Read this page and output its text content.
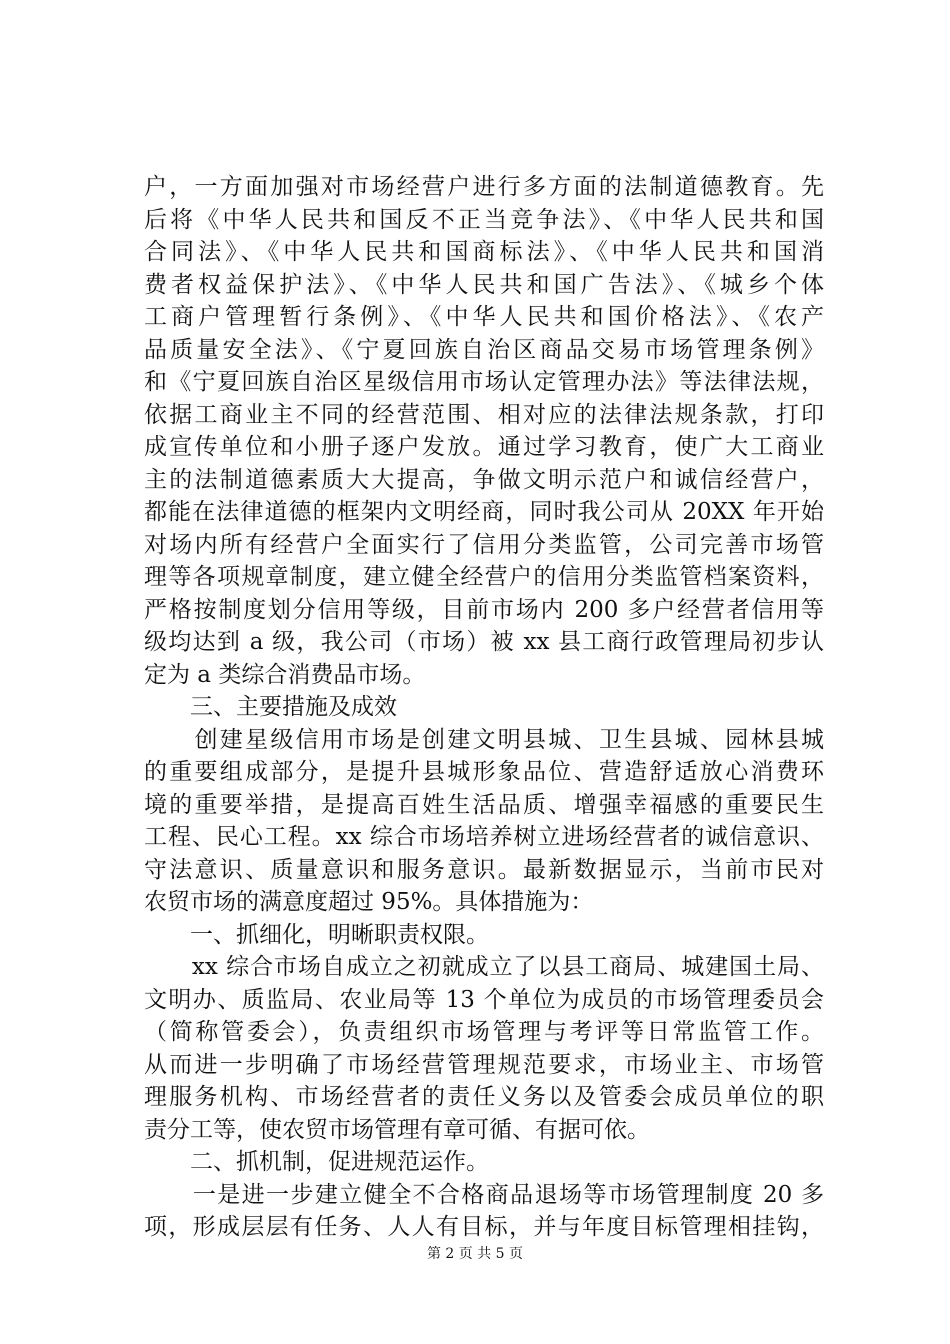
户，一方面加强对市场经营户进行多方面的法制道德教育。先
后将《中华人民共和国反不正当竞争法》、《中华人民共和国
合同法》、《中华人民共和国商标法》、《中华人民共和国消
费者权益保护法》、《中华人民共和国广告法》、《城乡个体
工商户管理暂行条例》、《中华人民共和国价格法》、《农产
品质量安全法》、《宁夏回族自治区商品交易市场管理条例》
和《宁夏回族自治区星级信用市场认定管理办法》等法律法规，
依据工商业主不同的经营范围、相对应的法律法规条款，打印
成宣传单位和小册子逐户发放。通过学习教育，使广大工商业
主的法制道德素质大大提高，争做文明示范户和诚信经营户，
都能在法律道德的框架内文明经商，同时我公司从 20XX 年开始
对场内所有经营户全面实行了信用分类监管，公司完善市场管
理等各项规章制度，建立健全经营户的信用分类监管档案资料，
严格按制度划分信用等级，目前市场内 200 多户经营者信用等
级均达到 a 级，我公司（市场）被 xx 县工商行政管理局初步认
定为 a 类综合消费品市场。
　　三、主要措施及成效
　　创建星级信用市场是创建文明县城、卫生县城、园林县城
的重要组成部分，是提升县城形象品位、营造舒适放心消费环
境的重要举措，是提高百姓生活品质、增强幸福感的重要民生
工程、民心工程。xx 综合市场培养树立进场经营者的诚信意识、
守法意识、质量意识和服务意识。最新数据显示，当前市民对
农贸市场的满意度超过 95%。具体措施为：
　　一、抓细化，明晰职责权限。
　　xx 综合市场自成立之初就成立了以县工商局、城建国土局、
文明办、质监局、农业局等 13 个单位为成员的市场管理委员会
（简称管委会），负责组织市场管理与考评等日常监管工作。
从而进一步明确了市场经营管理规范要求，市场业主、市场管
理服务机构、市场经营者的责任义务以及管委会成员单位的职
责分工等，使农贸市场管理有章可循、有据可依。
　　二、抓机制，促进规范运作。
　　一是进一步建立健全不合格商品退场等市场管理制度 20 多
项，形成层层有任务、人人有目标，并与年度目标管理相挂钩，
第 2 页 共 5 页
